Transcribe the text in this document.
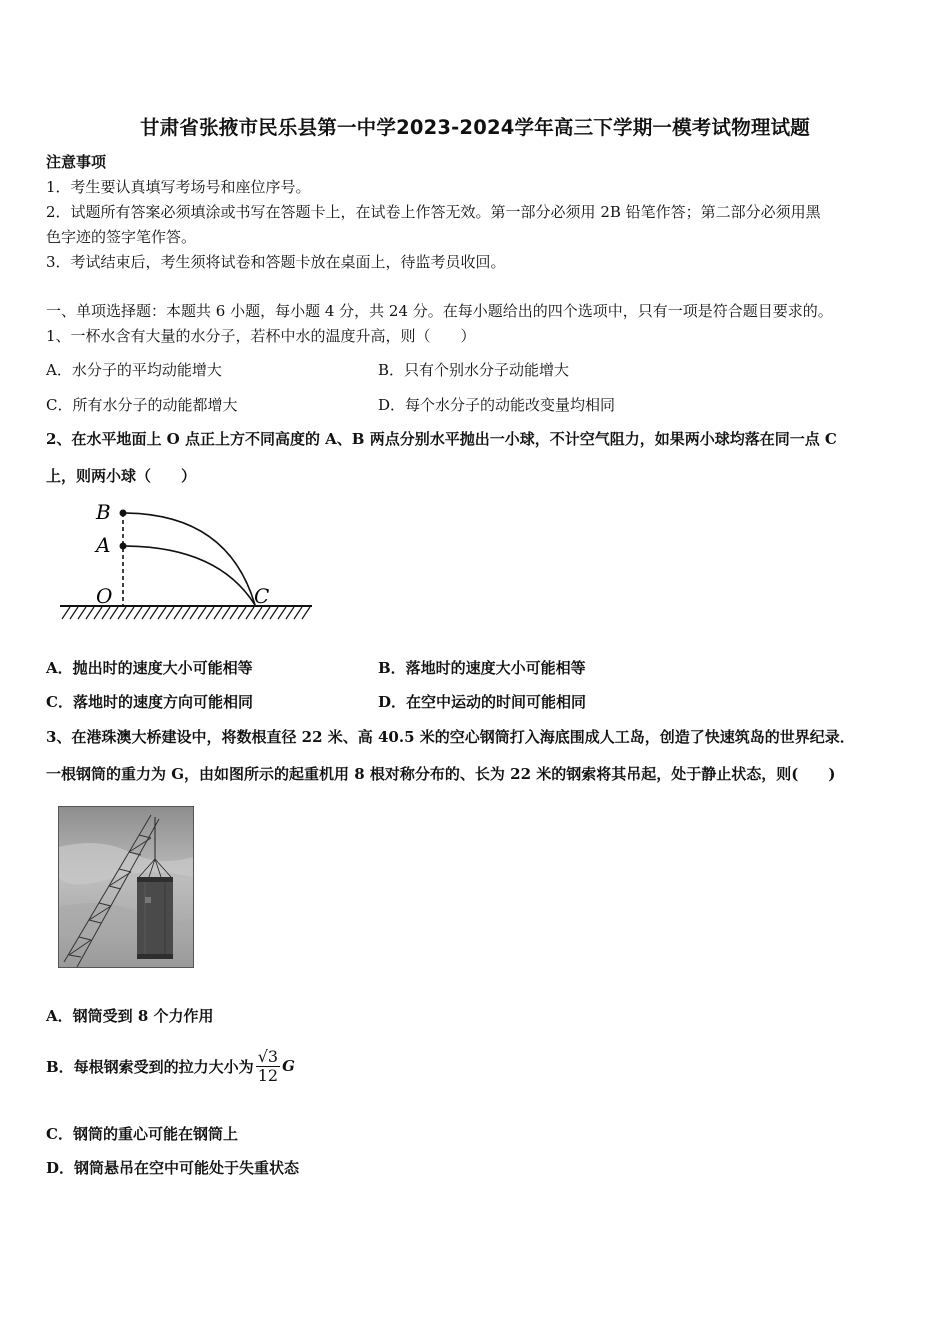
甘肃省张掖市民乐县第一中学2023-2024学年高三下学期一模考试物理试题
注意事项
1．考生要认真填写考场号和座位序号。
2．试题所有答案必须填涂或书写在答题卡上，在试卷上作答无效。第一部分必须用 2B 铅笔作答；第二部分必须用黑
色字迹的签字笔作答。
3．考试结束后，考生须将试卷和答题卡放在桌面上，待监考员收回。
一、单项选择题：本题共 6 小题，每小题 4 分，共 24 分。在每小题给出的四个选项中，只有一项是符合题目要求的。
1、一杯水含有大量的水分子，若杯中水的温度升高，则（　　）
A．水分子的平均动能增大	B．只有个别水分子动能增大
C．所有水分子的动能都增大	D．每个水分子的动能改变量均相同
2、在水平地面上 O 点正上方不同高度的 A、B 两点分别水平抛出一小球，不计空气阻力，如果两小球均落在同一点 C
上，则两小球（　　）
B
A
O	C
A．抛出时的速度大小可能相等	B．落地时的速度大小可能相等
C．落地时的速度方向可能相同	D．在空中运动的时间可能相同
3、在港珠澳大桥建设中，将数根直径 22 米、高 40.5 米的空心钢筒打入海底围成人工岛，创造了快速筑岛的世界纪录．
一根钢筒的重力为 G，由如图所示的起重机用 8 根对称分布的、长为 22 米的钢索将其吊起，处于静止状态，则(　　)
A．钢筒受到 8 个力作用
B．每根钢索受到的拉力大小为 $\frac{√3}{12}$ G
C．钢筒的重心可能在钢筒上
D．钢筒悬吊在空中可能处于失重状态
